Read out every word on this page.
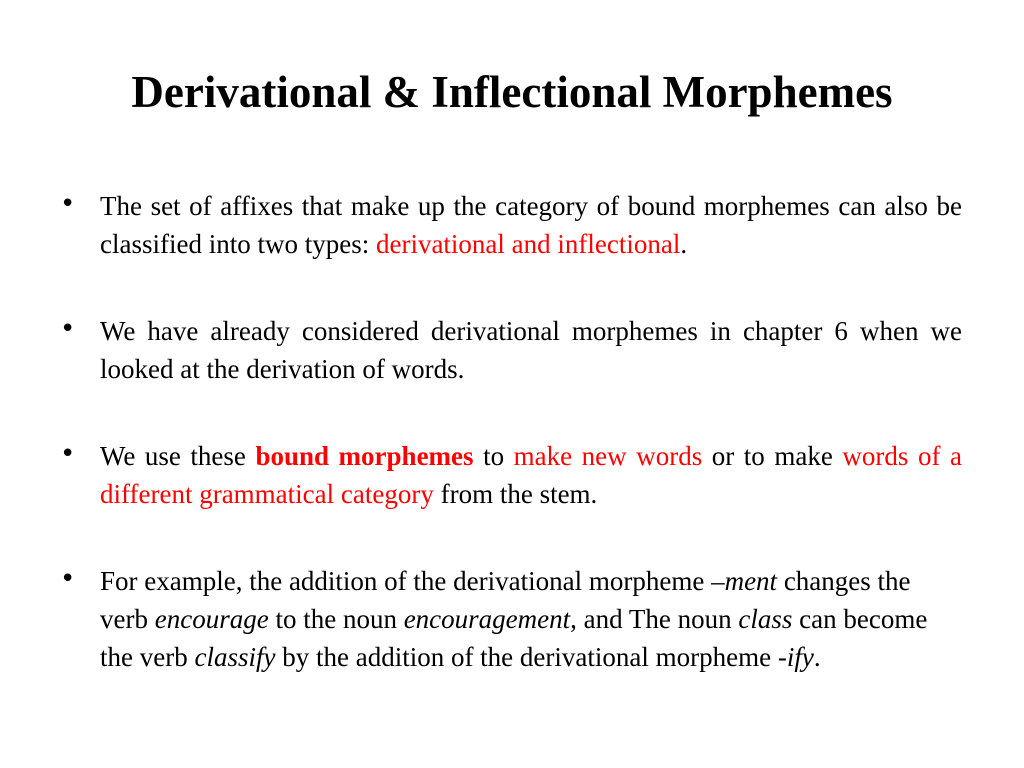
Derivational & Inflectional Morphemes
• The set of affixes that make up the category of bound morphemes can also be classified into two types: derivational and inflectional.
• We have already considered derivational morphemes in chapter 6 when we looked at the derivation of words.
• We use these bound morphemes to make new words or to make words of a different grammatical category from the stem.
• For example, the addition of the derivational morpheme –ment changes the verb encourage to the noun encouragement, and The noun class can become the verb classify by the addition of the derivational morpheme -ify.
